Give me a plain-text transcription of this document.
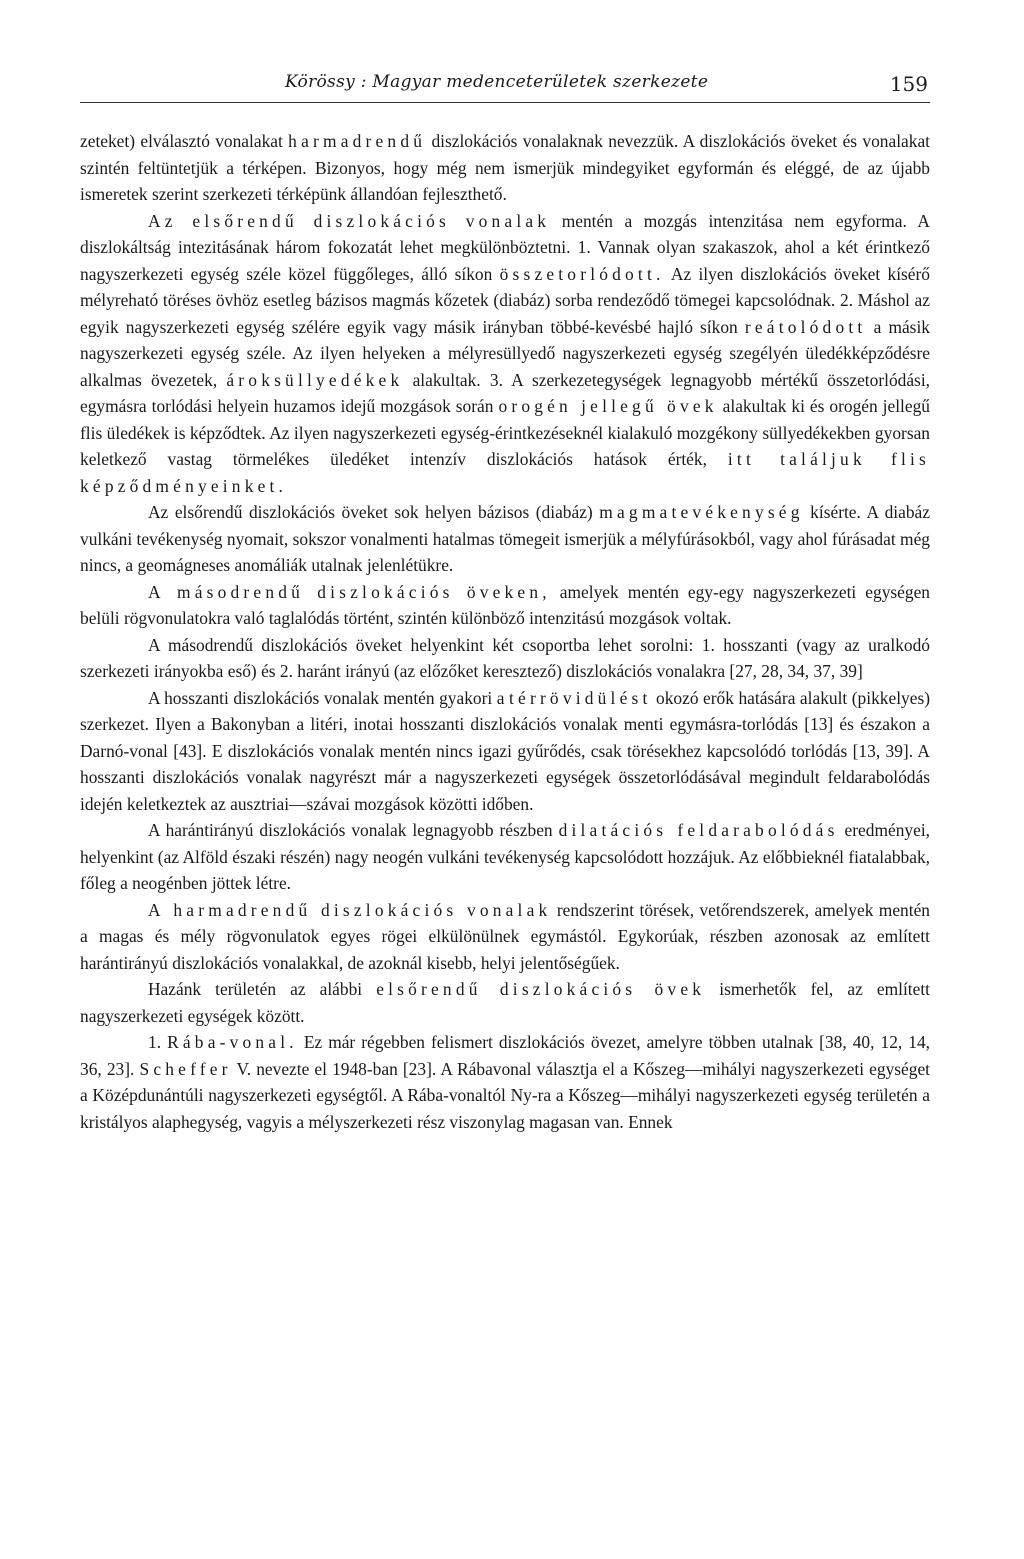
Körössy : Magyar medenceterületek szerkezete	159

zeteket) elválasztó vonalakat harmadrendű diszlokációs vonalaknak nevezzük. A diszlokációs öveket és vonalakat szintén feltüntetjük a térképen. Bizonyos, hogy még nem ismerjük mindegyiket egyformán és eléggé, de az újabb ismeretek szerint szerkezeti térképünk állandóan fejleszthető.

Az elsőrendű diszlokációs vonalak mentén a mozgás intenzitása nem egyforma. A diszlokáltság intezitásának három fokozatát lehet megkülönböztetni. 1. Vannak olyan szakaszok, ahol a két érintkező nagyszerkezeti egység széle közel függőleges, álló síkon összetorlódott. Az ilyen diszlokációs öveket kísérő mélyreható töréses övhöz esetleg bázisos magmás kőzetek (diabáz) sorba rendeződő tömegei kapcsolódnak. 2. Máshol az egyik nagyszerkezeti egység szélére egyik vagy másik irányban többé-kevésbé hajló síkon reátolódott a másik nagyszerkezeti egység széle. Az ilyen helyeken a mélyresüllyedő nagyszerkezeti egység szegélyén üledékképződésre alkalmas övezetek, ároksüllyedékek alakultak. 3. A szerkezetegységek legnagyobb mértékű összetorlódási, egymásra torlódási helyein huzamos idejű mozgások során orogén jellegű övek alakultak ki és orogén jellegű flis üledékek is képződtek. Az ilyen nagyszerkezeti egység-érintkezéseknél kialakuló mozgékony süllyedékekben gyorsan keletkező vastag törmelékes üledéket intenzív diszlokációs hatások érték, itt találjuk flis képződményeinket.

Az elsőrendű diszlokációs öveket sok helyen bázisos (diabáz) magmatevékenység kísérte. A diabáz vulkáni tevékenység nyomait, sokszor vonalmenti hatalmas tömegeit ismerjük a mélyfúrásokból, vagy ahol fúrásadat még nincs, a geomágneses anomáliák utalnak jelenlétükre.

A másodrendű diszlokációs öveken, amelyek mentén egy-egy nagyszerkezeti egységen belüli rögvonulatokra való taglalódás történt, szintén különböző intenzitású mozgások voltak.

A másodrendű diszlokációs öveket helyenkint két csoportba lehet sorolni: 1. hosszanti (vagy az uralkodó szerkezeti irányokba eső) és 2. haránt irányú (az előzőket keresztező) diszlokációs vonalakra [27, 28, 34, 37, 39]

A hosszanti diszlokációs vonalak mentén gyakori a térrövidülést okozó erők hatására alakult (pikkelyes) szerkezet. Ilyen a Bakonyban a litéri, inotai hosszanti diszlokációs vonalak menti egymásra-torlódás [13] és északon a Darnó-vonal [43]. E diszlokációs vonalak mentén nincs igazi gyűrődés, csak törésekhez kapcsolódó torlódás [13, 39]. A hosszanti diszlokációs vonalak nagyrészt már a nagyszerkezeti egységek összetorlódásával megindult feldarabolódás idején keletkeztek az ausztriai—szávai mozgások közötti időben.

A harántirányú diszlokációs vonalak legnagyobb részben dilatációs feldarabolódás eredményei, helyenkint (az Alföld északi részén) nagy neogén vulkáni tevékenység kapcsolódott hozzájuk. Az előbbieknél fiatalabbak, főleg a neogénben jöttek létre.

A harmadrendű diszlokációs vonalak rendszerint törések, vetőrendszerek, amelyek mentén a magas és mély rögvonulatok egyes rögei elkülönülnek egymástól. Egykorúak, részben azonosak az említett harántirányú diszlokációs vonalakkal, de azoknál kisebb, helyi jelentőségűek.

Hazánk területén az alábbi elsőrendű diszlokációs övek ismerhetők fel, az említett nagyszerkezeti egységek között.

1. Rába-vonal. Ez már régebben felismert diszlokációs övezet, amelyre többen utalnak [38, 40, 12, 14, 36, 23]. Scheffer V. nevezte el 1948-ban [23]. A Rábavonal választja el a Kőszeg—mihályi nagyszerkezeti egységet a Középdunántúli nagyszerkezeti egységtől. A Rába-vonaltól Ny-ra a Kőszeg—mihályi nagyszerkezeti egység területén a kristályos alaphegység, vagyis a mélyszerkezeti rész viszonylag magasan van. Ennek
